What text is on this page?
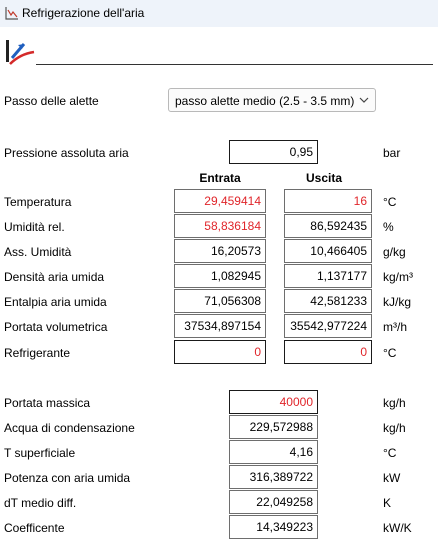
Refrigerazione dell'aria
Passo delle alette	passo alette medio (2.5 - 3.5 mm)
Pressione assoluta aria	0,95	bar
Entrata	Uscita
Temperatura	29,459414	16	°C
Umidità rel.	58,836184	86,592435	%
Ass. Umidità	16,20573	10,466405	g/kg
Densità aria umida	1,082945	1,137177	kg/m³
Entalpia aria umida	71,056308	42,581233	kJ/kg
Portata volumetrica	37534,897154	35542,977224	m³/h
Refrigerante	0	0	°C
Portata massica	40000	kg/h
Acqua di condensazione	229,572988	kg/h
T superficiale	4,16	°C
Potenza con aria umida	316,389722	kW
dT medio diff.	22,049258	K
Coefficente	14,349223	kW/K
